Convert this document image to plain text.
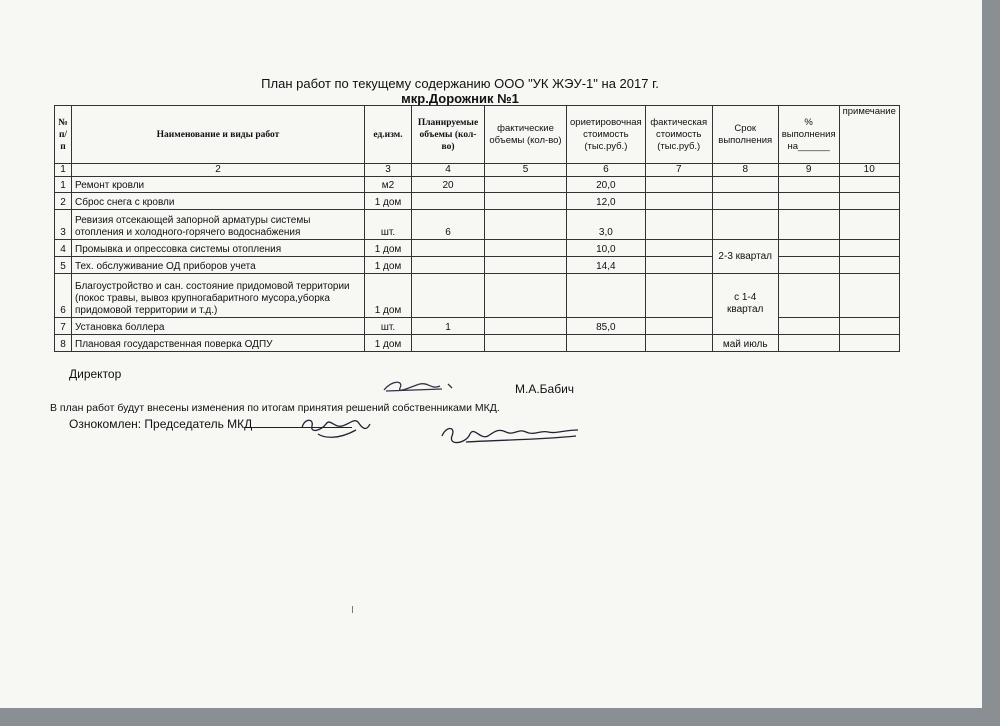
План работ по текущему содержанию ООО "УК ЖЭУ-1" на 2017 г.
мкр.Дорожник №1
№ п/п	Наименование и виды работ	ед.изм.	Планируемые объемы (кол-во)	фактические объемы (кол-во)	ориетировочная стоимость (тыс.руб.)	фактическая стоимость (тыс.руб.)	Срок выполнения	% выполнения на______	примечание
1	2	3	4	5	6	7	8	9	10
1	Ремонт кровли	м2	20		20,0				
2	Сброс снега с кровли	1 дом			12,0				
3	Ревизия отсекающей запорной арматуры системы отопления и холодного-горячего водоснабжения	шт.	6		3,0				
4	Промывка и опрессовка системы отопления	1 дом			10,0		2-3 квартал		
5	Тех. обслуживание ОД приборов учета	1 дом			14,4				
6	Благоустройство и сан. состояние придомовой территории (покос травы, вывоз крупногабаритного мусора,уборка придомовой территории и т.д.)	1 дом					с 1-4 квартал		
7	Установка боллера	шт.	1		85,0				
8	Плановая государственная поверка ОДПУ	1 дом					май июль		
Директор
М.А.Бабич
В план работ будут внесены изменения по итогам принятия решений собственниками МКД.
Ознокомлен: Председатель МКД
